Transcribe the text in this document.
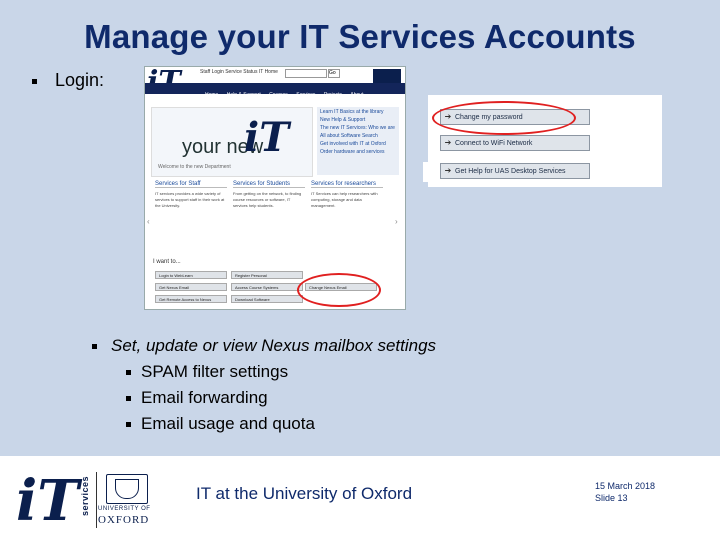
Manage your IT Services Accounts
Login:	Staff Login Service Status IT Home	Go
Home Help & Support Courses Services Projects About
your new
iT
Welcome to the new Department
Learn IT Basics at the library
New Help & Support
The new IT Services: Who we are
All about Software Search
Get involved with IT at Oxford
Order hardware and services
‹	›
Services for Staff
IT services provides a wide variety of services to support staff in their work at the University.
Services for Students
From getting on the network, to finding course resources or software, IT services help students.
Services for researchers
IT Services can help researchers with computing, storage and data management.
I want to...
Login to WebLearn
Get Nexus Email
Get Remote Access to Nexus
Register Personal
Access Course Systems
Download Software
Change Nexus Email
➔ Change my password
➔ Connect to WiFi Network
➔ Get Help for UAS Desktop Services
Set, update or view Nexus mailbox settings
SPAM filter settings
Email forwarding
Email usage and quota
iT services UNIVERSITY OF
OXFORD
IT at the University of Oxford	15 March 2018
Slide 13
